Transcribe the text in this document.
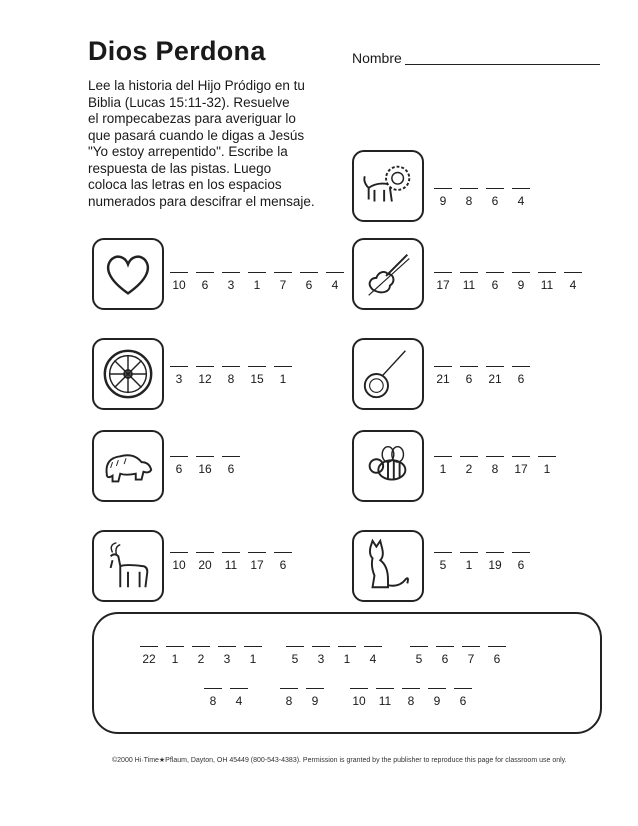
Dios Perdona	Nombre
Lee la historia del Hijo Pródigo en tu
Biblia (Lucas 15:11-32). Resuelve
el rompecabezas para averiguar lo
que pasará cuando le digas a Jesús
"Yo estoy arrepentido". Escribe la
respuesta de las pistas. Luego
coloca las letras en los espacios
numerados para descifrar el mensaje.	9 8 6 4
10 6 3 1 7 6 4	17 11 6 9 11 4
3 12 8 15 1	21 6 21 6
6 16 6	1 2 8 17 1
10 20 11 17 6	5 1 19 6
22 1 2 3 1	5 3 1 4	5 6 7 6
8 4	8 9	10 11 8 9 6
©2000 Hi·Time★Pflaum, Dayton, OH 45449 (800-543-4383). Permission is granted by the publisher to reproduce this page for classroom use only.
